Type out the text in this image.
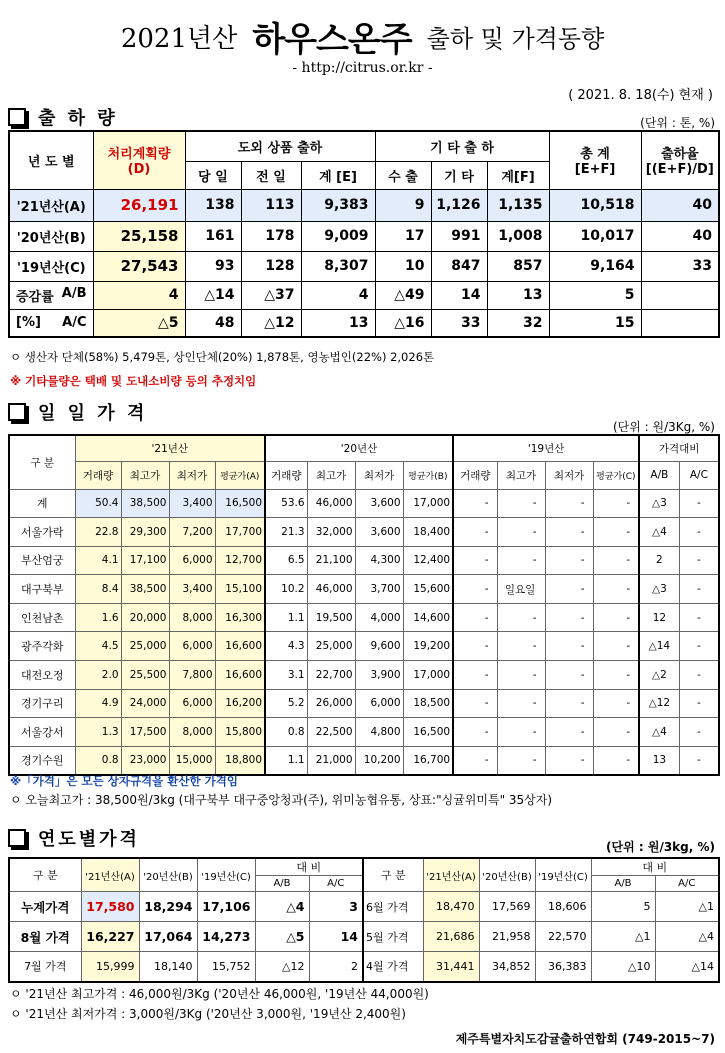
2021년산 하우스온주 출하 및 가격동향
- http://citrus.or.kr -
( 2021. 8. 18(수) 현재 )
출 하 량	(단위 : 톤, %)
년 도 별	처리계획량
(D)	도외 상품 출하			기 타 출 하			총 계
[E+F]	출하율
[(E+F)/D]
		당 일	전 일	계 [E]	수 출	기 타	계[F]		
'21년산(A)	26,191	138	113	9,383	9	1,126	1,135	10,518	40
'20년산(B)	25,158	161	178	9,009	17	991	1,008	10,017	40
'19년산(C)	27,543	93	128	8,307	10	847	857	9,164	33

증감률 A/B	4	△14	△37	4	△49	14	13	5	

[%] A/C	△5	48	△12	13	△16	33	32	15	
ㅇ 생산자 단체(58%) 5,479톤, 상인단체(20%) 1,878톤, 영농법인(22%) 2,026톤
※ 기타물량은 택배 및 도내소비량 등의 추정치임
일 일 가 격
(단위 : 원/3Kg, %)
구 분	'21년산				'20년산				'19년산				가격대비	
	거래량	최고가	최저가	평균가(A)	거래량	최고가	최저가	평균가(B)	거래량	최고가	최저가	평균가(C)	A/B	A/C
계	50.4	38,500	3,400	16,500	53.6	46,000	3,600	17,000	-	-	-	-	△3	-
서울가락	22.8	29,300	7,200	17,700	21.3	32,000	3,600	18,400	-	-	-	-	△4	-
부산엄궁	4.1	17,100	6,000	12,700	6.5	21,100	4,300	12,400	-	-	-	-	2	-
대구북부	8.4	38,500	3,400	15,100	10.2	46,000	3,700	15,600	-	일요일	-	-	△3	-
인천남촌	1.6	20,000	8,000	16,300	1.1	19,500	4,000	14,600	-	-	-	-	12	-
광주각화	4.5	25,000	6,000	16,600	4.3	25,000	9,600	19,200	-	-	-	-	△14	-
대전오정	2.0	25,500	7,800	16,600	3.1	22,700	3,900	17,000	-	-	-	-	△2	-
경기구리	4.9	24,000	6,000	16,200	5.2	26,000	6,000	18,500	-	-	-	-	△12	-
서울강서	1.3	17,500	8,000	15,800	0.8	22,500	4,800	16,500	-	-	-	-	△4	-
경기수원	0.8	23,000	15,000	18,800	1.1	21,000	10,200	16,700	-	-	-	-	13	-
※「가격」은 모든 상자규격을 환산한 가격임
ㅇ 오늘최고가 : 38,500원/3kg (대구북부 대구중앙청과(주), 위미농협유통, 상표:"싱귤위미특" 35상자)
연도별가격	(단위 : 원/3kg, %)
구 분	'21년산(A)	'20년산(B)	'19년산(C)	대 비		구 분	'21년산(A)	'20년산(B)	'19년산(C)	대 비	
				A/B	A/C					A/B	A/C
누계가격	17,580	18,294	17,106	△4	3	6월 가격	18,470	17,569	18,606	5	△1
8월 가격	16,227	17,064	14,273	△5	14	5월 가격	21,686	21,958	22,570	△1	△4
7월 가격	15,999	18,140	15,752	△12	2	4월 가격	31,441	34,852	36,383	△10	△14
ㅇ '21년산 최고가격 : 46,000원/3Kg ('20년산 46,000원, '19년산 44,000원)
ㅇ '21년산 최저가격 : 3,000원/3Kg ('20년산 3,000원, '19년산 2,400원)
제주특별자치도감귤출하연합회 (749-2015~7)
